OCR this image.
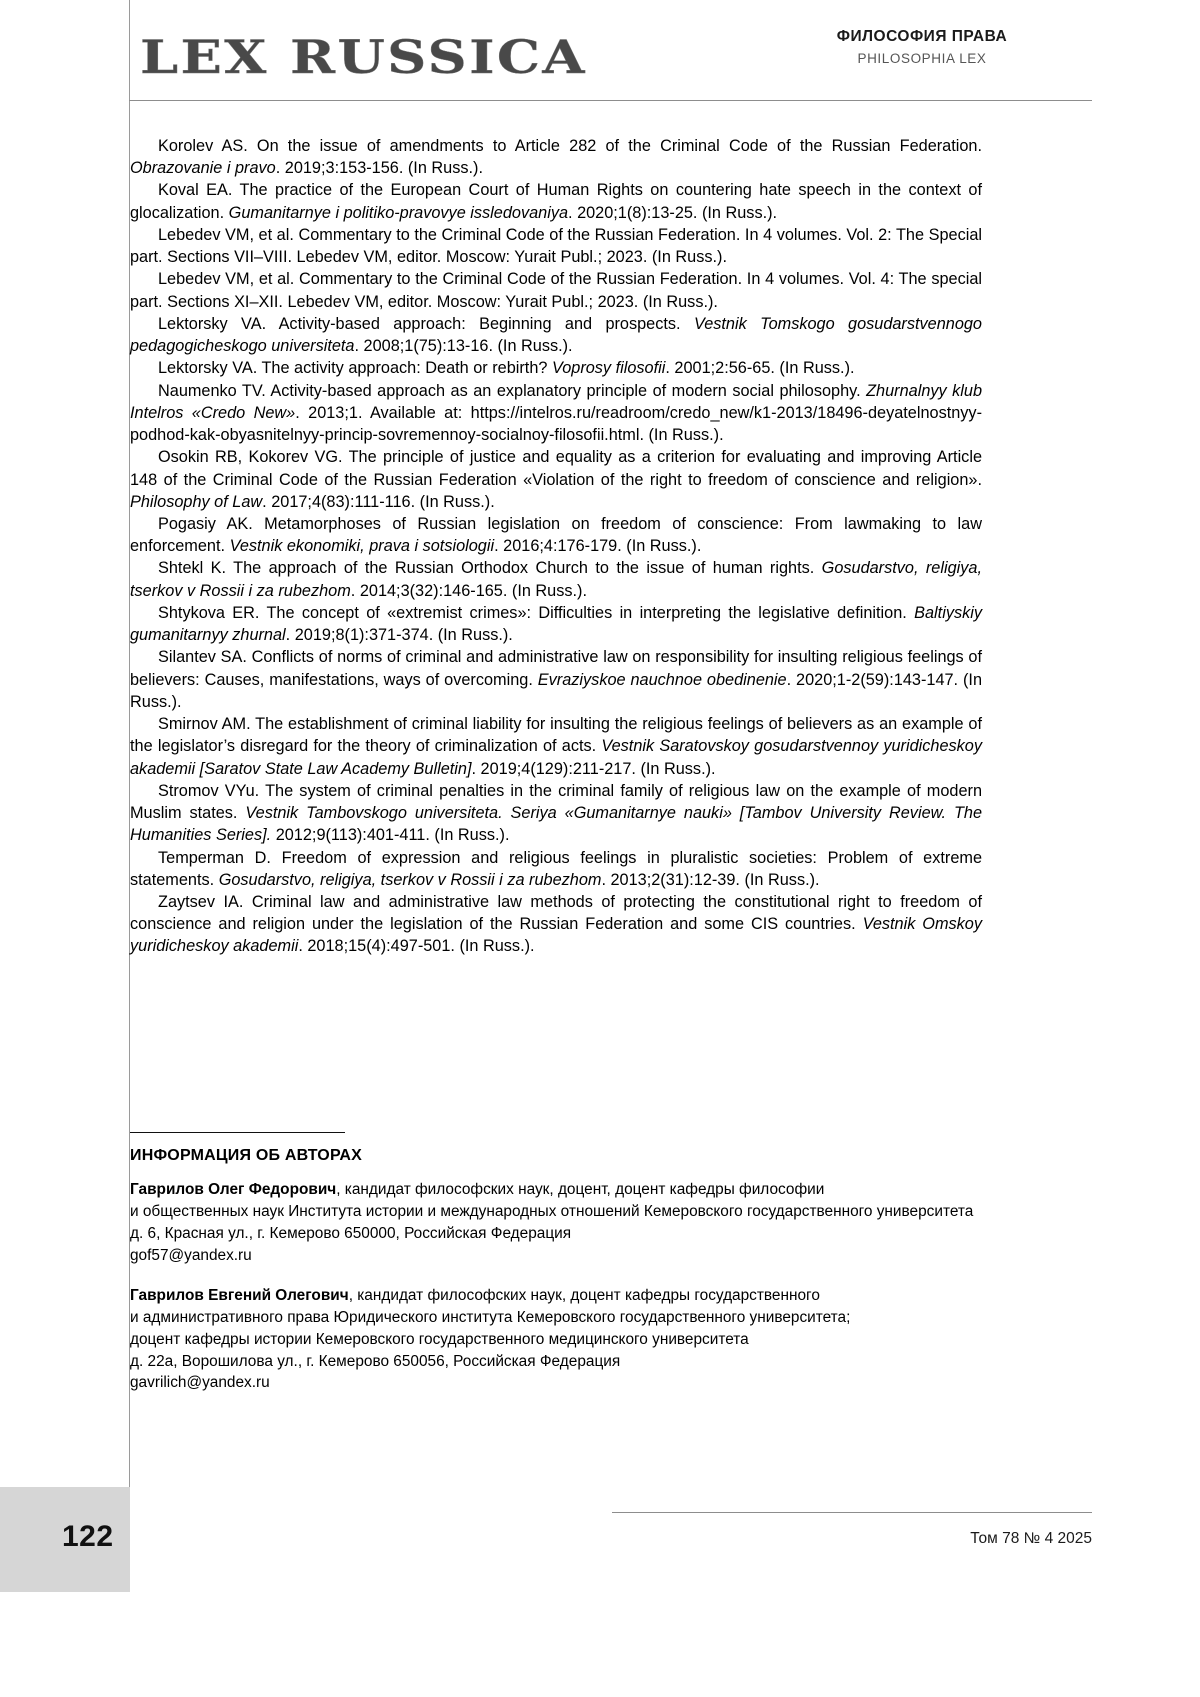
LEX RUSSICA	ФИЛОСОФИЯ ПРАВА
PHILOSOPHIA LEX
Korolev AS. On the issue of amendments to Article 282 of the Criminal Code of the Russian Federation. Obrazovanie i pravo. 2019;3:153-156. (In Russ.).
Koval EA. The practice of the European Court of Human Rights on countering hate speech in the context of glocalization. Gumanitarnye i politiko-pravovye issledovaniya. 2020;1(8):13-25. (In Russ.).
Lebedev VM, et al. Commentary to the Criminal Code of the Russian Federation. In 4 volumes. Vol. 2: The Special part. Sections VII–VIII. Lebedev VM, editor. Moscow: Yurait Publ.; 2023. (In Russ.).
Lebedev VM, et al. Commentary to the Criminal Code of the Russian Federation. In 4 volumes. Vol. 4: The special part. Sections XI–XII. Lebedev VM, editor. Moscow: Yurait Publ.; 2023. (In Russ.).
Lektorsky VA. Activity-based approach: Beginning and prospects. Vestnik Tomskogo gosudarstvennogo pedagogicheskogo universiteta. 2008;1(75):13-16. (In Russ.).
Lektorsky VA. The activity approach: Death or rebirth? Voprosy filosofii. 2001;2:56-65. (In Russ.).
Naumenko TV. Activity-based approach as an explanatory principle of modern social philosophy. Zhurnalnyy klub Intelros «Credo New». 2013;1. Available at: https://intelros.ru/readroom/credo_new/k1-2013/18496-deyatelnostnyy-podhod-kak-obyasnitelnyy-princip-sovremennoy-socialnoy-filosofii.html. (In Russ.).
Osokin RB, Kokorev VG. The principle of justice and equality as a criterion for evaluating and improving Article 148 of the Criminal Code of the Russian Federation «Violation of the right to freedom of conscience and religion». Philosophy of Law. 2017;4(83):111-116. (In Russ.).
Pogasiy AK. Metamorphoses of Russian legislation on freedom of conscience: From lawmaking to law enforcement. Vestnik ekonomiki, prava i sotsiologii. 2016;4:176-179. (In Russ.).
Shtekl K. The approach of the Russian Orthodox Church to the issue of human rights. Gosudarstvo, religiya, tserkov v Rossii i za rubezhom. 2014;3(32):146-165. (In Russ.).
Shtykova ER. The concept of «extremist crimes»: Difficulties in interpreting the legislative definition. Baltiyskiy gumanitarnyy zhurnal. 2019;8(1):371-374. (In Russ.).
Silantev SA. Conflicts of norms of criminal and administrative law on responsibility for insulting religious feelings of believers: Causes, manifestations, ways of overcoming. Evraziyskoe nauchnoe obedinenie. 2020;1-2(59):143-147. (In Russ.).
Smirnov AM. The establishment of criminal liability for insulting the religious feelings of believers as an example of the legislator’s disregard for the theory of criminalization of acts. Vestnik Saratovskoy gosudarstvennoy yuridicheskoy akademii [Saratov State Law Academy Bulletin]. 2019;4(129):211-217. (In Russ.).
Stromov VYu. The system of criminal penalties in the criminal family of religious law on the example of modern Muslim states. Vestnik Tambovskogo universiteta. Seriya «Gumanitarnye nauki» [Tambov University Review. The Humanities Series]. 2012;9(113):401-411. (In Russ.).
Temperman D. Freedom of expression and religious feelings in pluralistic societies: Problem of extreme statements. Gosudarstvo, religiya, tserkov v Rossii i za rubezhom. 2013;2(31):12-39. (In Russ.).
Zaytsev IA. Criminal law and administrative law methods of protecting the constitutional right to freedom of conscience and religion under the legislation of the Russian Federation and some CIS countries. Vestnik Omskoy yuridicheskoy akademii. 2018;15(4):497-501. (In Russ.).
ИНФОРМАЦИЯ ОБ АВТОРАХ
Гаврилов Олег Федорович, кандидат философских наук, доцент, доцент кафедры философии
и общественных наук Института истории и международных отношений Кемеровского государственного университета
д. 6, Красная ул., г. Кемерово 650000, Российская Федерация
gof57@yandex.ru
Гаврилов Евгений Олегович, кандидат философских наук, доцент кафедры государственного
и административного права Юридического института Кемеровского государственного университета;
доцент кафедры истории Кемеровского государственного медицинского университета
д. 22а, Ворошилова ул., г. Кемерово 650056, Российская Федерация
gavrilich@yandex.ru
122	Том 78 № 4 2025
